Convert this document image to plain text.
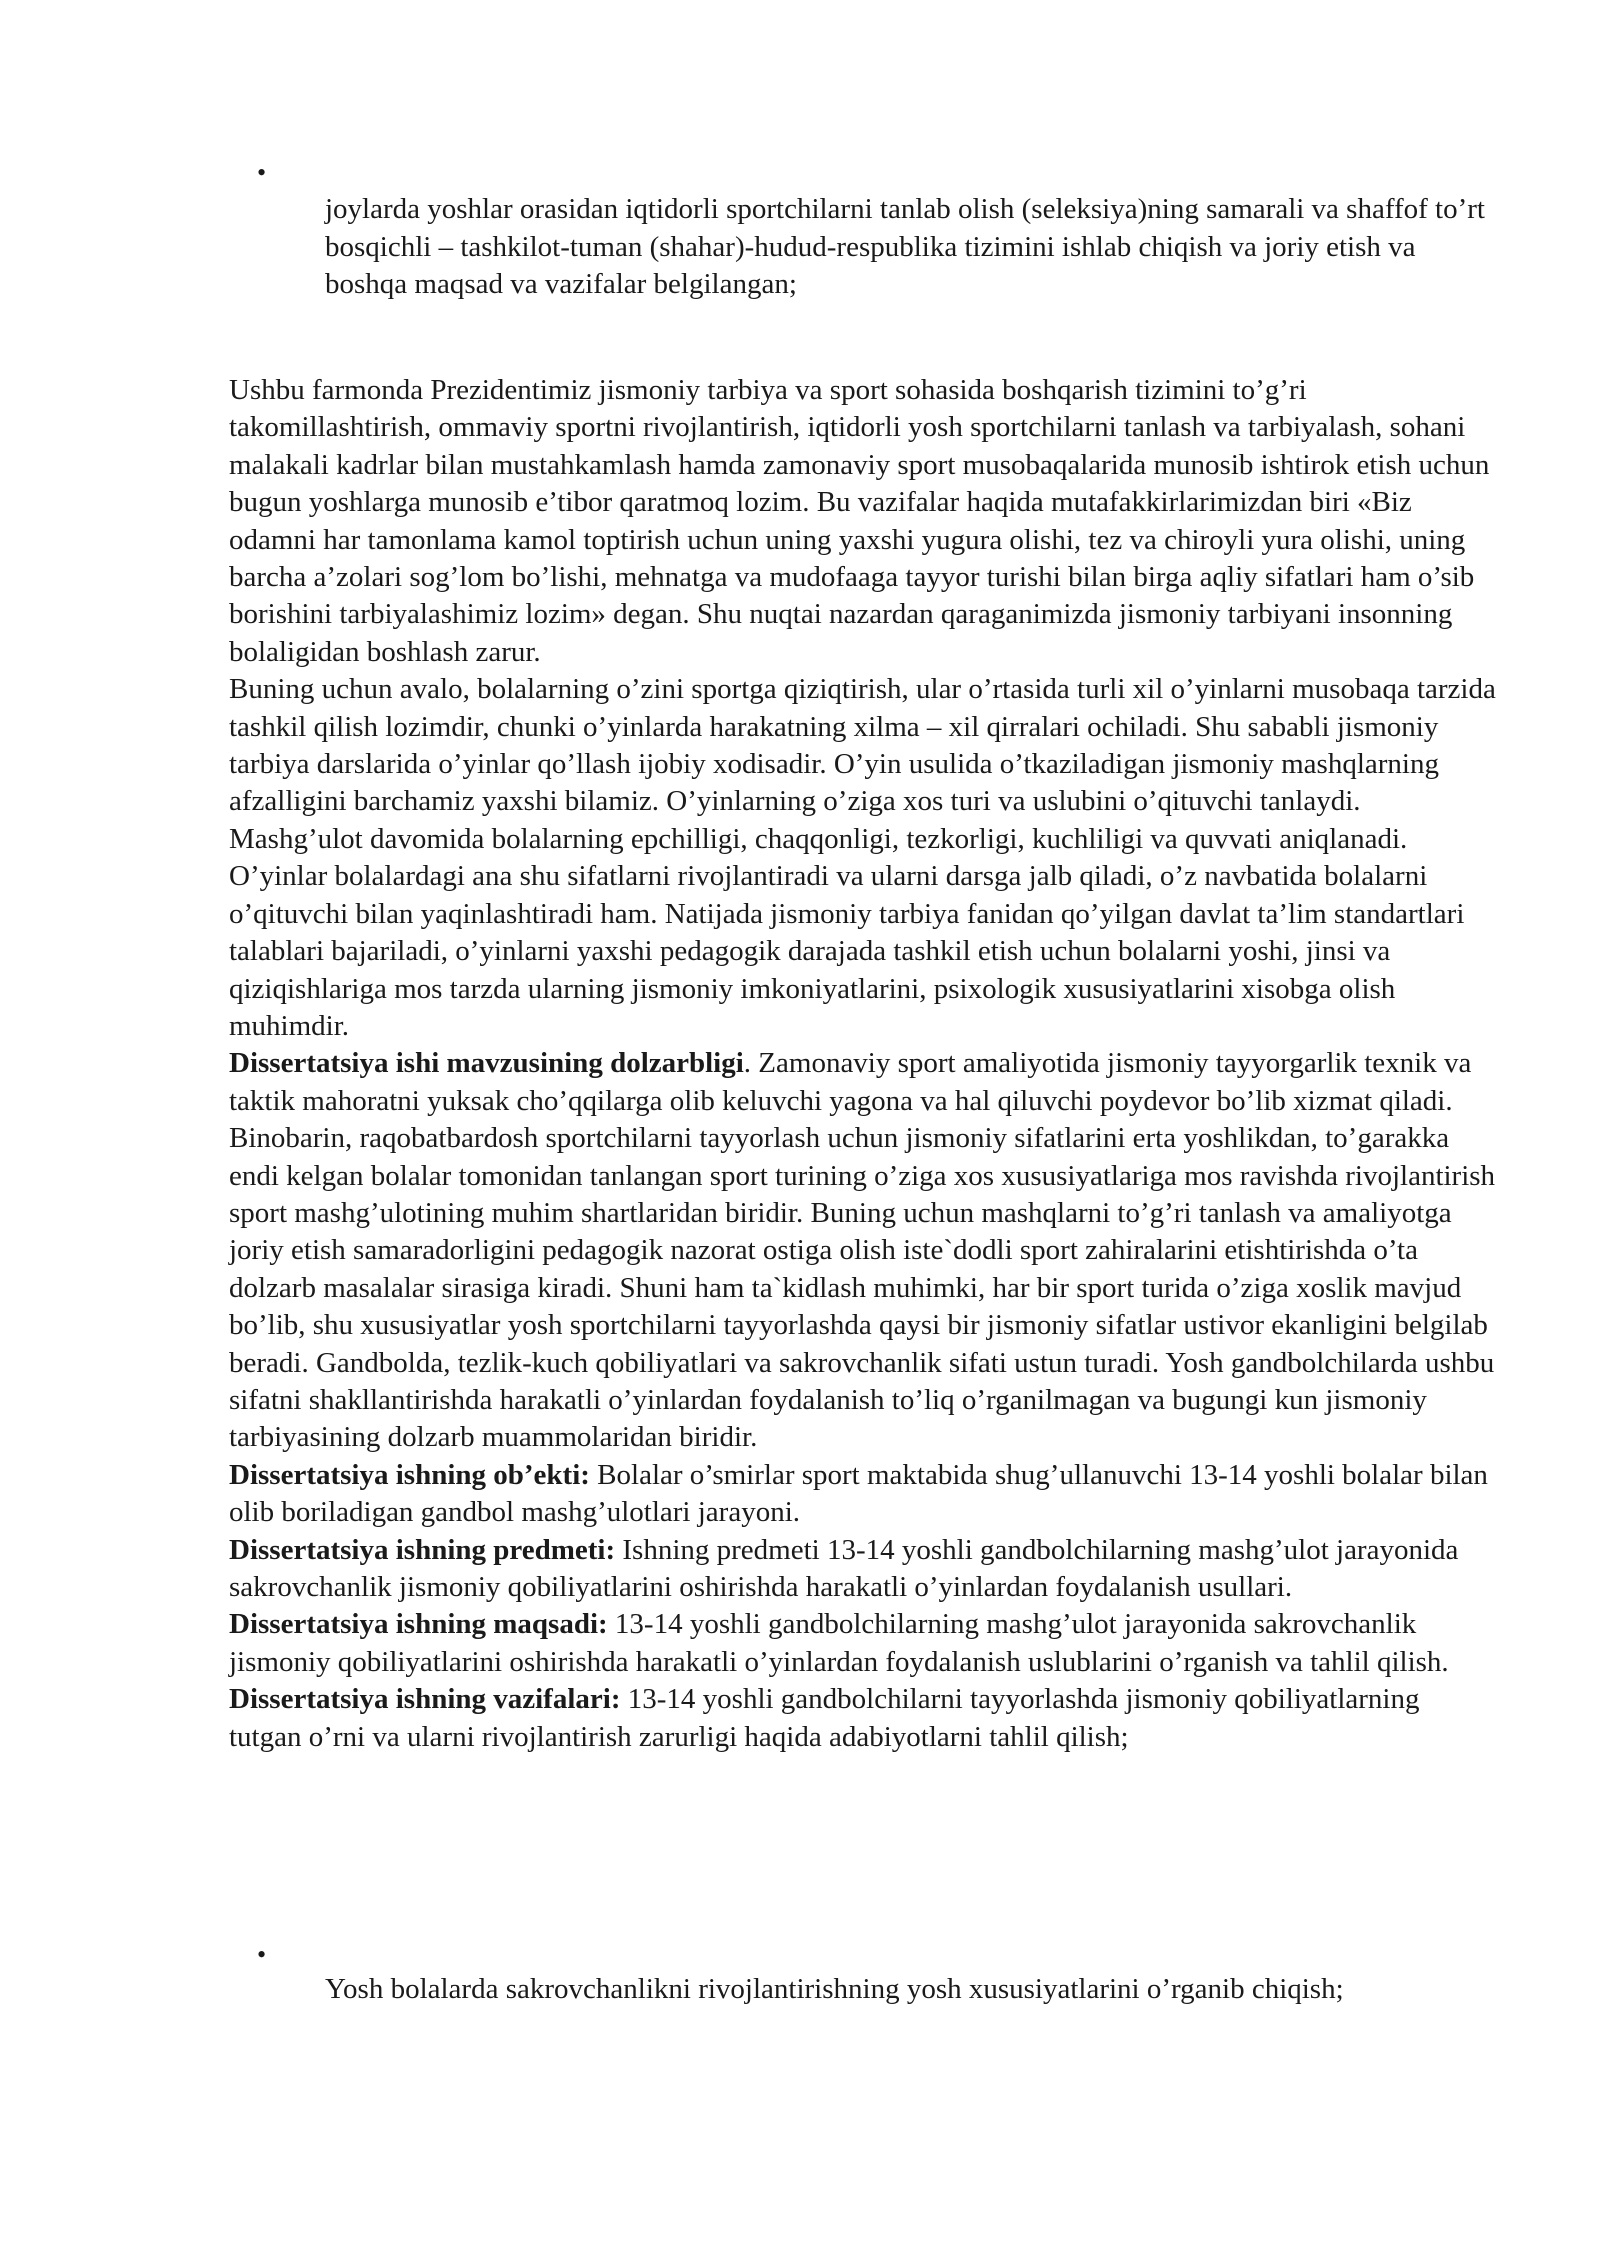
•

joylarda yoshlar orasidan iqtidorli sportchilarni tanlab olish (seleksiya)ning samarali va shaffof to’rt bosqichli – tashkilot-tuman (shahar)-hudud-respublika tizimini ishlab chiqish va joriy etish va boshqa maqsad va vazifalar belgilangan;

Ushbu farmonda Prezidentimiz jismoniy tarbiya va sport sohasida boshqarish tizimini to’g’ri takomillashtirish, ommaviy sportni rivojlantirish, iqtidorli yosh sportchilarni tanlash va tarbiyalash, sohani malakali kadrlar bilan mustahkamlash hamda zamonaviy sport musobaqalarida munosib ishtirok etish uchun bugun yoshlarga munosib e’tibor qaratmoq lozim. Bu vazifalar haqida mutafakkirlarimizdan biri «Biz odamni har tamonlama kamol toptirish uchun uning yaxshi yugura olishi, tez va chiroyli yura olishi, uning barcha a’zolari sog’lom bo’lishi, mehnatga va mudofaaga tayyor turishi bilan birga aqliy sifatlari ham o’sib borishini tarbiyalashimiz lozim» degan. Shu nuqtai nazardan qaraganimizda jismoniy tarbiyani insonning bolaligidan boshlash zarur.

Buning uchun avalo, bolalarning o’zini sportga qiziqtirish, ular o’rtasida turli xil o’yinlarni musobaqa tarzida tashkil qilish lozimdir, chunki o’yinlarda harakatning xilma – xil qirralari ochiladi. Shu sababli jismoniy tarbiya darslarida o’yinlar qo’llash ijobiy xodisadir. O’yin usulida o’tkaziladigan jismoniy mashqlarning afzalligini barchamiz yaxshi bilamiz. O’yinlarning o’ziga xos turi va uslubini o’qituvchi tanlaydi. Mashg’ulot davomida bolalarning epchilligi, chaqqonligi, tezkorligi, kuchliligi va quvvati aniqlanadi. O’yinlar bolalardagi ana shu sifatlarni rivojlantiradi va ularni darsga jalb qiladi, o’z navbatida bolalarni o’qituvchi bilan yaqinlashtiradi ham. Natijada jismoniy tarbiya fanidan qo’yilgan davlat ta’lim standartlari talablari bajariladi, o’yinlarni yaxshi pedagogik darajada tashkil etish uchun bolalarni yoshi, jinsi va qiziqishlariga mos tarzda ularning jismoniy imkoniyatlarini, psixologik xususiyatlarini xisobga olish muhimdir.

Dissertatsiya ishi mavzusining dolzarbligi. Zamonaviy sport amaliyotida jismoniy tayyorgarlik texnik va taktik mahoratni yuksak cho’qqilarga olib keluvchi yagona va hal qiluvchi poydevor bo’lib xizmat qiladi. Binobarin, raqobatbardosh sportchilarni tayyorlash uchun jismoniy sifatlarini erta yoshlikdan, to’garakka endi kelgan bolalar tomonidan tanlangan sport turining o’ziga xos xususiyatlariga mos ravishda rivojlantirish sport mashg’ulotining muhim shartlaridan biridir. Buning uchun mashqlarni to’g’ri tanlash va amaliyotga joriy etish samaradorligini pedagogik nazorat ostiga olish iste`dodli sport zahiralarini etishtirishda o’ta dolzarb masalalar sirasiga kiradi. Shuni ham ta`kidlash muhimki, har bir sport turida o’ziga xoslik mavjud bo’lib, shu xususiyatlar yosh sportchilarni tayyorlashda qaysi bir jismoniy sifatlar ustivor ekanligini belgilab beradi. Gandbolda, tezlik-kuch qobiliyatlari va sakrovchanlik sifati ustun turadi. Yosh gandbolchilarda ushbu sifatni shakllantirishda harakatli o’yinlardan foydalanish to’liq o’rganilmagan va bugungi kun jismoniy tarbiyasining dolzarb muammolaridan biridir.

Dissertatsiya ishning ob’ekti: Bolalar o’smirlar sport maktabida shug’ullanuvchi 13-14 yoshli bolalar bilan olib boriladigan gandbol mashg’ulotlari jarayoni.

Dissertatsiya ishning predmeti: Ishning predmeti 13-14 yoshli gandbolchilarning mashg’ulot jarayonida sakrovchanlik jismoniy qobiliyatlarini oshirishda harakatli o’yinlardan foydalanish usullari.

Dissertatsiya ishning maqsadi: 13-14 yoshli gandbolchilarning mashg’ulot jarayonida sakrovchanlik jismoniy qobiliyatlarini oshirishda harakatli o’yinlardan foydalanish uslublarini o’rganish va tahlil qilish.

Dissertatsiya ishning vazifalari: 13-14 yoshli gandbolchilarni tayyorlashda jismoniy qobiliyatlarning tutgan o’rni va ularni rivojlantirish zarurligi haqida adabiyotlarni tahlil qilish;

•

Yosh bolalarda sakrovchanlikni rivojlantirishning yosh xususiyatlarini o’rganib chiqish;
